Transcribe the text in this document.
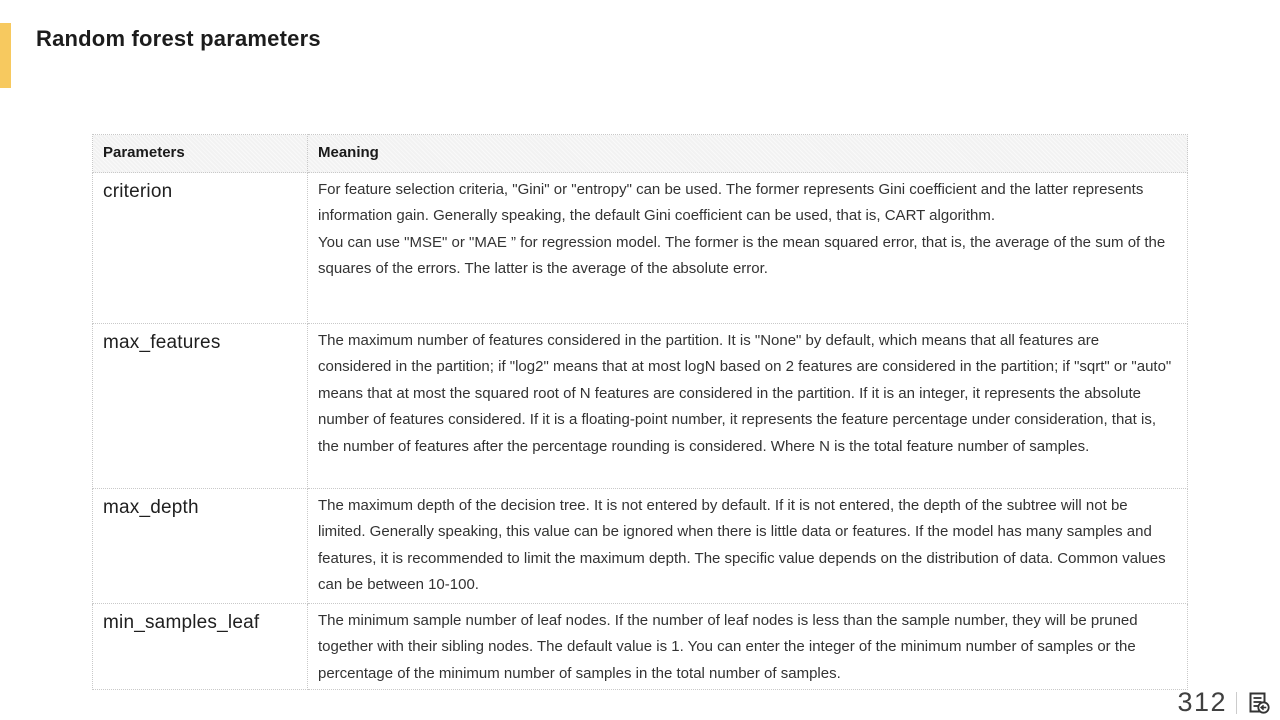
Random forest parameters
Parameters	Meaning
criterion	For feature selection criteria, "Gini" or "entropy" can be used. The former represents Gini coefficient and the latter represents information gain. Generally speaking, the default Gini coefficient can be used, that is, CART algorithm.

You can use "MSE" or "MAE ” for regression model. The former is the mean squared error, that is, the average of the sum of the squares of the errors. The latter is the average of the absolute error.

max_features	The maximum number of features considered in the partition. It is "None" by default, which means that all features are considered in the partition; if "log2" means that at most logN based on 2 features are considered in the partition; if "sqrt" or "auto" means that at most the squared root of N features are considered in the partition. If it is an integer, it represents the absolute number of features considered. If it is a floating-point number, it represents the feature percentage under consideration, that is, the number of features after the percentage rounding is considered. Where N is the total feature number of samples.

max_depth	The maximum depth of the decision tree. It is not entered by default. If it is not entered, the depth of the subtree will not be limited. Generally speaking, this value can be ignored when there is little data or features. If the model has many samples and features, it is recommended to limit the maximum depth. The specific value depends on the distribution of data. Common values can be between 10-100.

min_samples_leaf	The minimum sample number of leaf nodes. If the number of leaf nodes is less than the sample number, they will be pruned together with their sibling nodes. The default value is 1. You can enter the integer of the minimum number of samples or the percentage of the minimum number of samples in the total number of samples.

312
